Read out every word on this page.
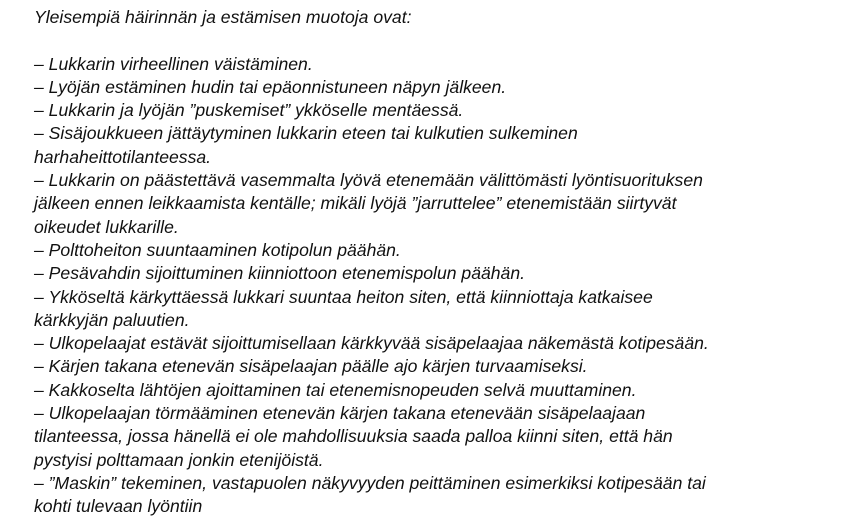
Yleisempiä häirinnän ja estämisen muotoja ovat:
– Lukkarin virheellinen väistäminen.
– Lyöjän estäminen hudin tai epäonnistuneen näpyn jälkeen.
– Lukkarin ja lyöjän ”puskemiset” ykköselle mentäessä.
– Sisäjoukkueen jättäytyminen lukkarin eteen tai kulkutien sulkeminen
harhaheittotilanteessa.
– Lukkarin on päästettävä vasemmalta lyövä etenemään välittömästi lyöntisuorituksen
jälkeen ennen leikkaamista kentälle; mikäli lyöjä ”jarruttelee” etenemistään siirtyvät
oikeudet lukkarille.
– Polttoheiton suuntaaminen kotipolun päähän.
– Pesävahdin sijoittuminen kiinniottoon etenemispolun päähän.
– Ykköseltä kärkyttäessä lukkari suuntaa heiton siten, että kiinniottaja katkaisee
kärkkyjän paluutien.
– Ulkopelaajat estävät sijoittumisellaan kärkkyvää sisäpelaajaa näkemästä kotipesään.
– Kärjen takana etenevän sisäpelaajan päälle ajo kärjen turvaamiseksi.
– Kakkoselta lähtöjen ajoittaminen tai etenemisnopeuden selvä muuttaminen.
– Ulkopelaajan törmääminen etenevän kärjen takana etenevään sisäpelaajaan
tilanteessa, jossa hänellä ei ole mahdollisuuksia saada palloa kiinni siten, että hän
pystyisi polttamaan jonkin etenijöistä.
– ”Maskin” tekeminen, vastapuolen näkyvyyden peittäminen esimerkiksi kotipesään tai
kohti tulevaan lyöntiin
